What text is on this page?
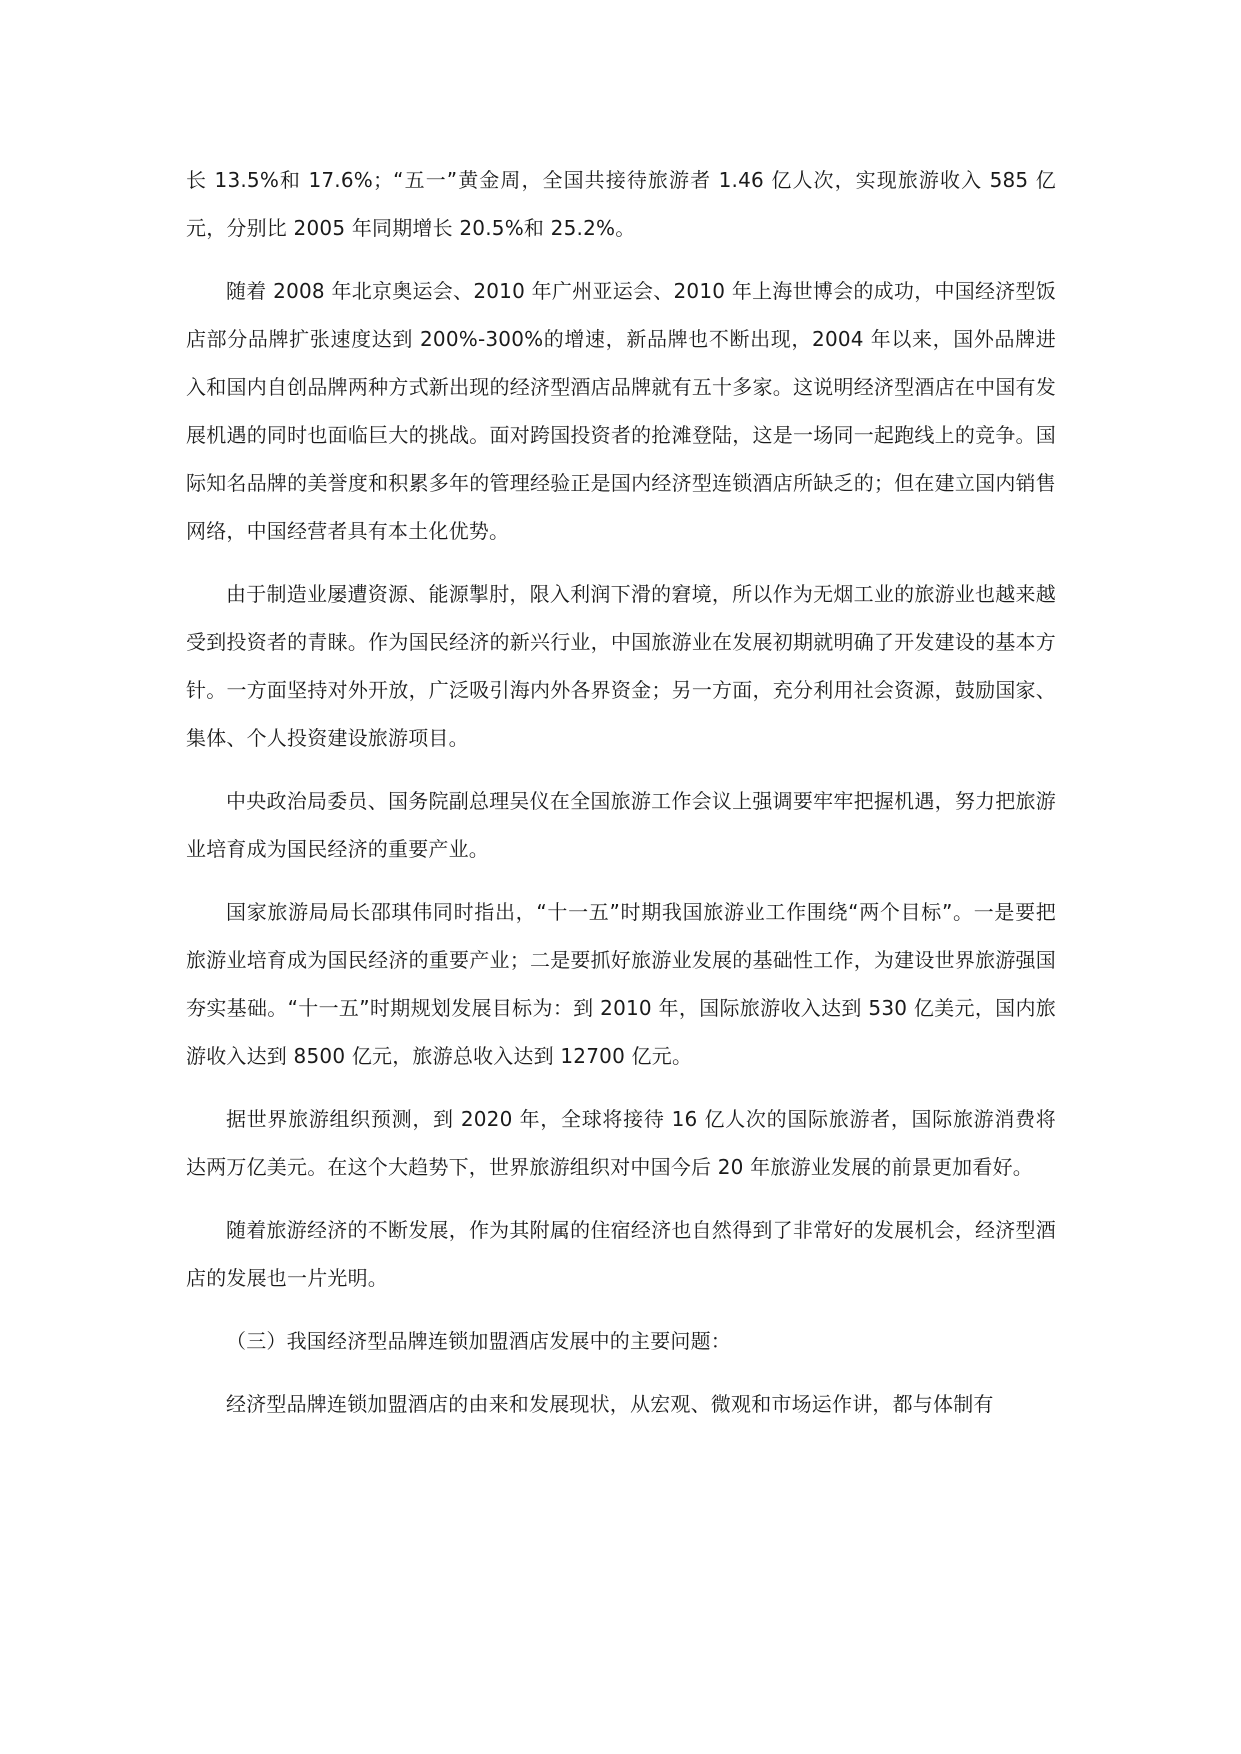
长 13.5%和 17.6%；“五一”黄金周，全国共接待旅游者 1.46 亿人次，实现旅游收入 585 亿元，分别比 2005 年同期增长 20.5%和 25.2%。

随着 2008 年北京奥运会、2010 年广州亚运会、2010 年上海世博会的成功，中国经济型饭店部分品牌扩张速度达到 200%-300%的增速，新品牌也不断出现，2004 年以来，国外品牌进入和国内自创品牌两种方式新出现的经济型酒店品牌就有五十多家。这说明经济型酒店在中国有发展机遇的同时也面临巨大的挑战。面对跨国投资者的抢滩登陆，这是一场同一起跑线上的竞争。国际知名品牌的美誉度和积累多年的管理经验正是国内经济型连锁酒店所缺乏的；但在建立国内销售网络，中国经营者具有本土化优势。

由于制造业屡遭资源、能源掣肘，限入利润下滑的窘境，所以作为无烟工业的旅游业也越来越受到投资者的青睐。作为国民经济的新兴行业，中国旅游业在发展初期就明确了开发建设的基本方针。一方面坚持对外开放，广泛吸引海内外各界资金；另一方面，充分利用社会资源，鼓励国家、集体、个人投资建设旅游项目。

中央政治局委员、国务院副总理吴仪在全国旅游工作会议上强调要牢牢把握机遇，努力把旅游业培育成为国民经济的重要产业。

国家旅游局局长邵琪伟同时指出，“十一五”时期我国旅游业工作围绕“两个目标”。一是要把旅游业培育成为国民经济的重要产业；二是要抓好旅游业发展的基础性工作，为建设世界旅游强国夯实基础。“十一五”时期规划发展目标为：到 2010 年，国际旅游收入达到 530 亿美元，国内旅游收入达到 8500 亿元，旅游总收入达到 12700 亿元。

据世界旅游组织预测，到 2020 年，全球将接待 16 亿人次的国际旅游者，国际旅游消费将达两万亿美元。在这个大趋势下，世界旅游组织对中国今后 20 年旅游业发展的前景更加看好。

随着旅游经济的不断发展，作为其附属的住宿经济也自然得到了非常好的发展机会，经济型酒店的发展也一片光明。

（三）我国经济型品牌连锁加盟酒店发展中的主要问题：

经济型品牌连锁加盟酒店的由来和发展现状，从宏观、微观和市场运作讲，都与体制有
